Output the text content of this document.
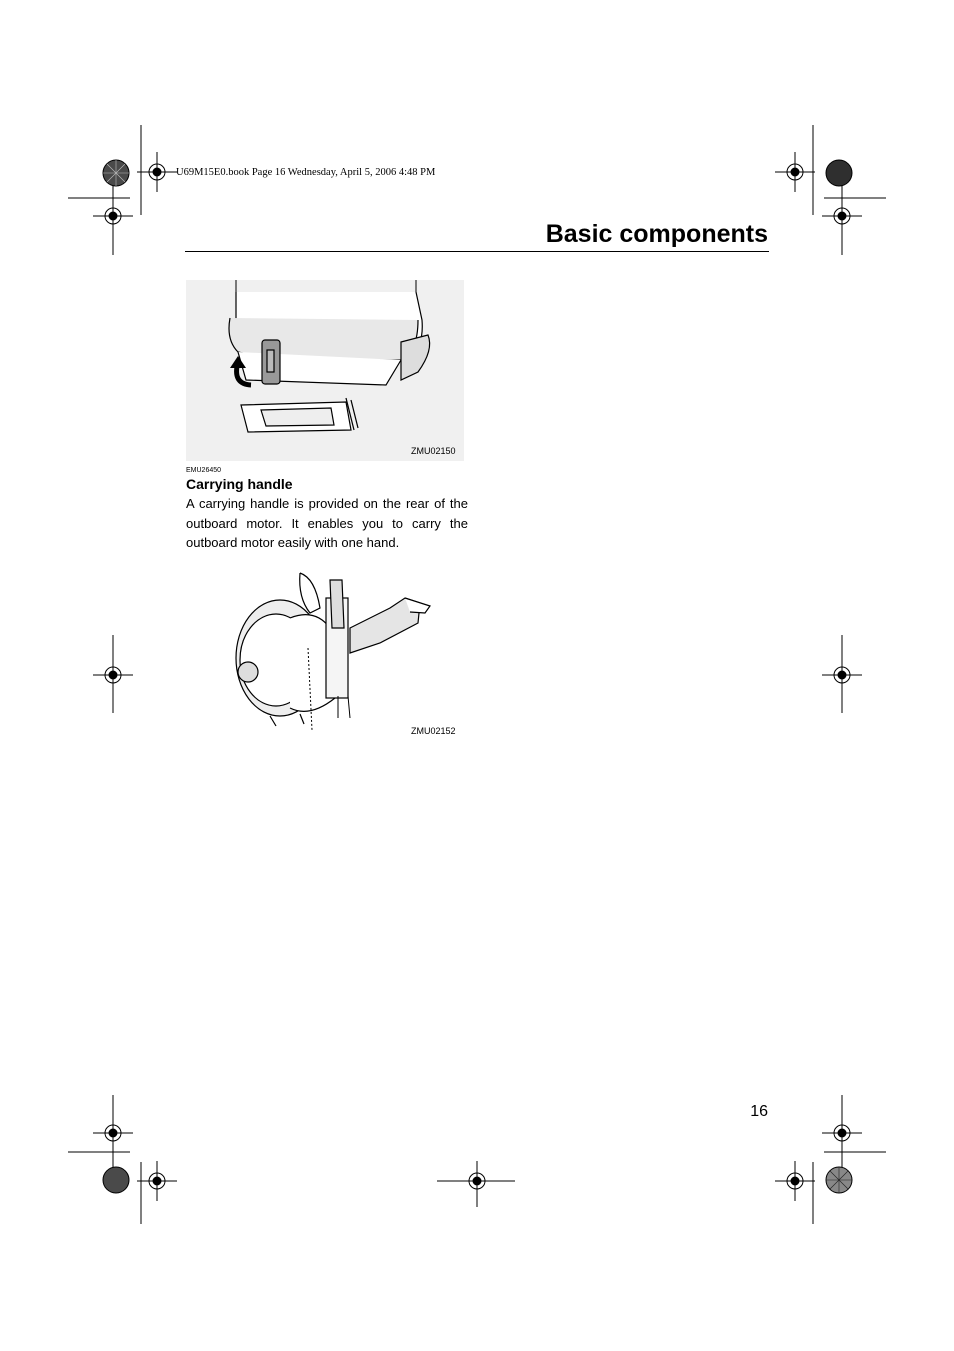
U69M15E0.book Page 16 Wednesday, April 5, 2006 4:48 PM
Basic components
ZMU02150
EMU26450
Carrying handle
A carrying handle is provided on the rear of the outboard motor. It enables you to carry the outboard motor easily with one hand.
ZMU02152
16
